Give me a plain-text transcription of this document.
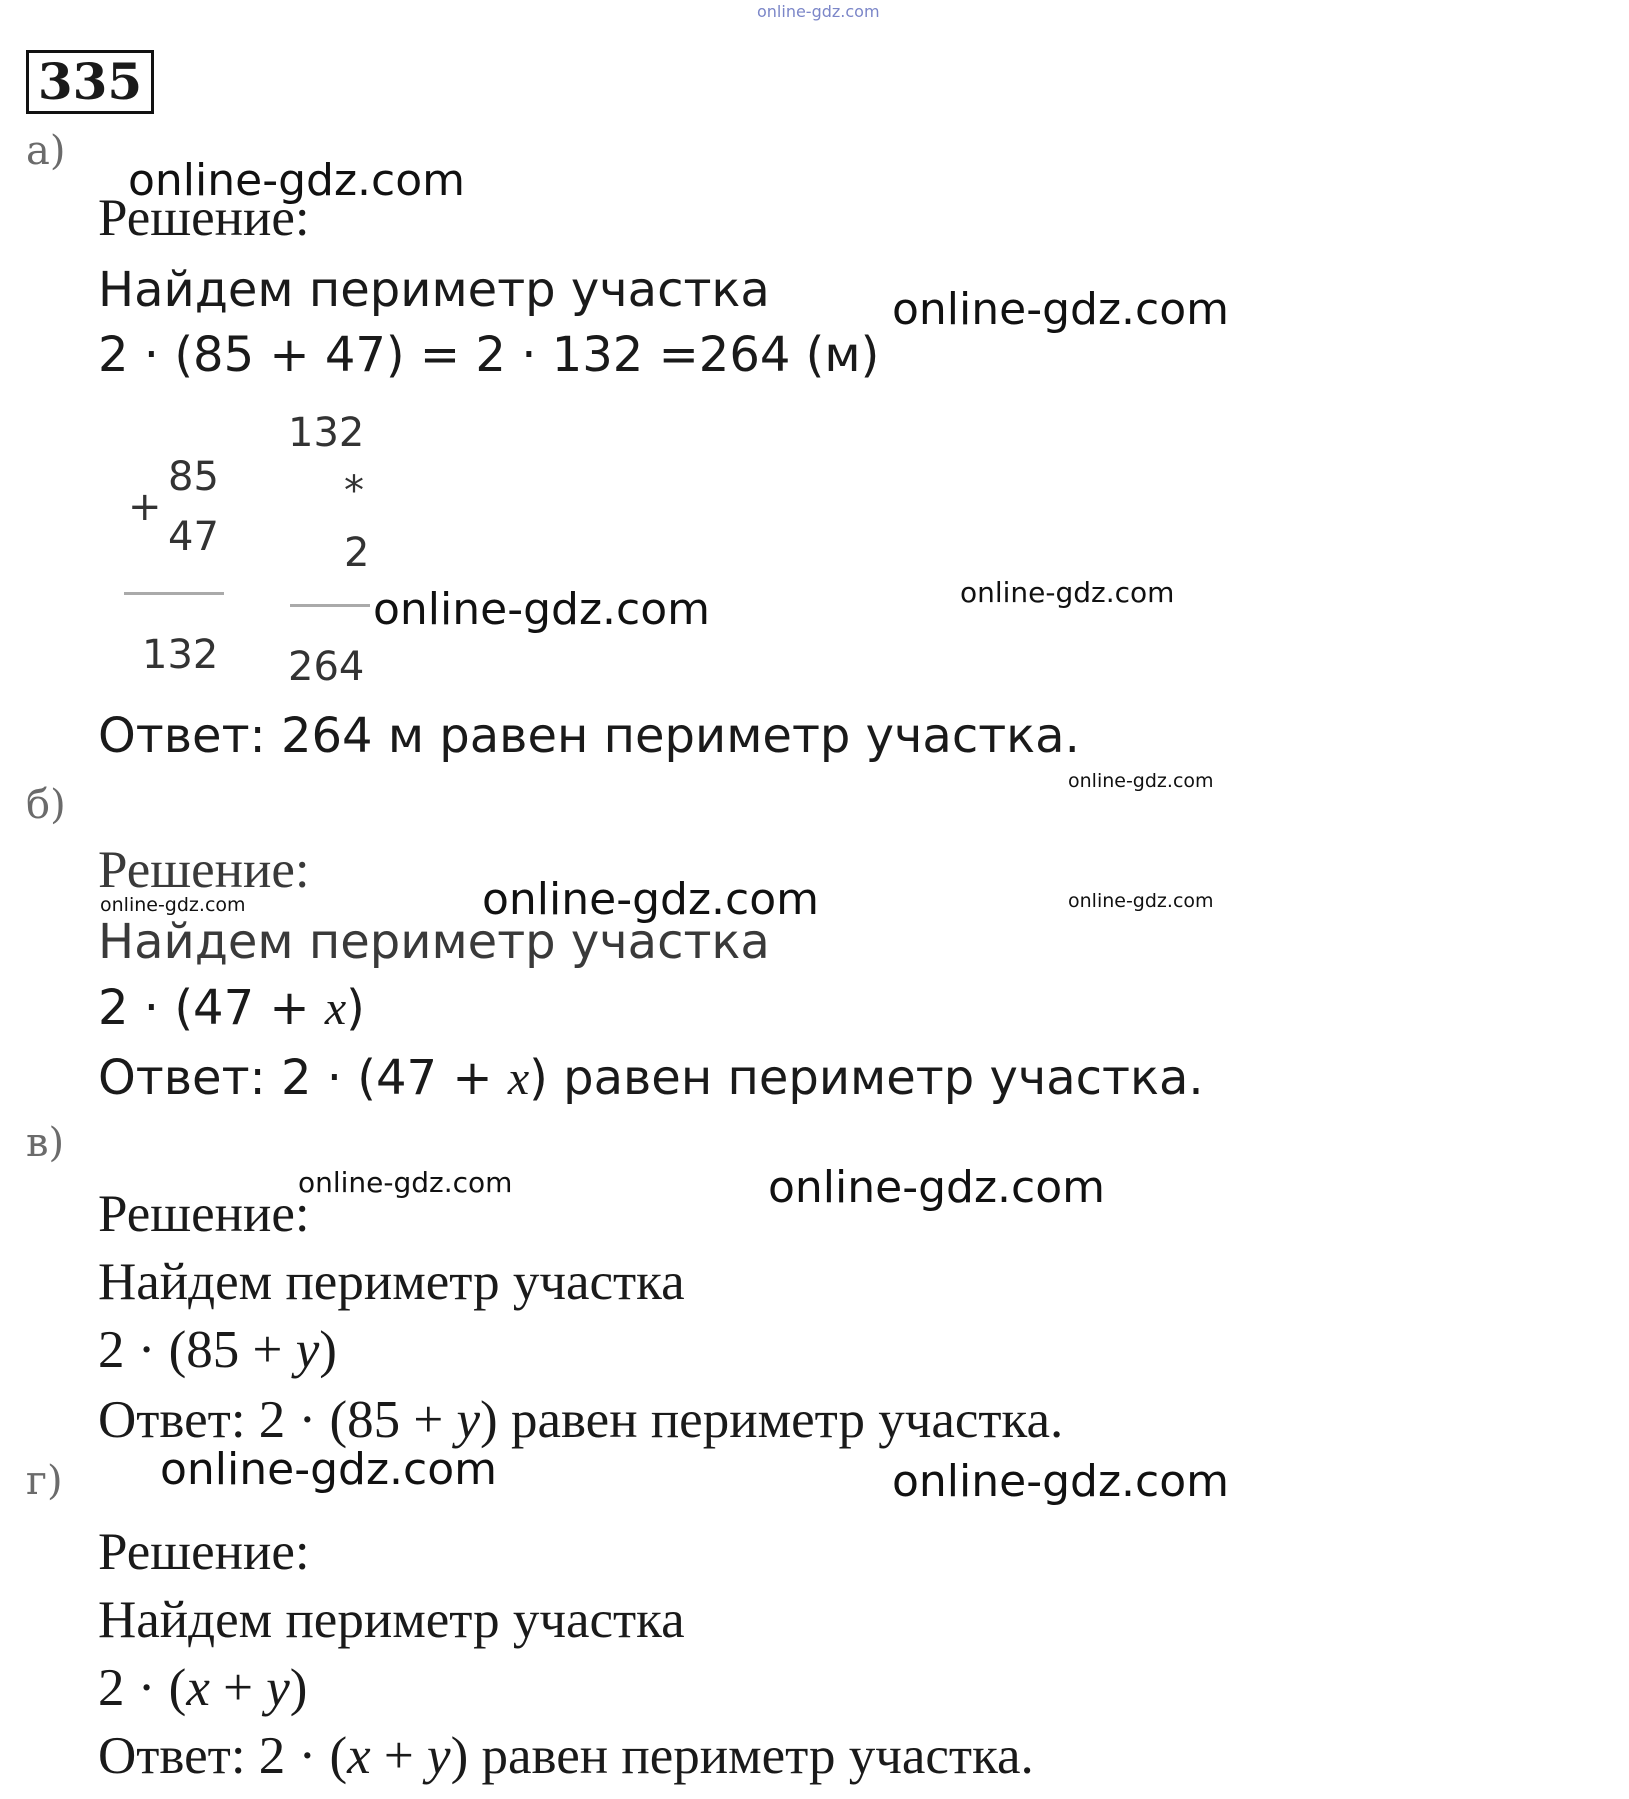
online-gdz.com
335
а)
online-gdz.com
Решение:
Найдем периметр участка	online-gdz.com
2 · (85 + 47) = 2 · 132 =264 (м)
+
85
47
132
132
*
2
264
online-gdz.com	online-gdz.com
Ответ: 264 м равен периметр участка.
online-gdz.com
б)
Решение:
online-gdz.com	online-gdz.com	online-gdz.com
Найдем периметр участка
2 · (47 + x)
Ответ: 2 · (47 + x) равен периметр участка.
в)
online-gdz.com	online-gdz.com
Решение:
Найдем периметр участка
2 · (85 + y)
Ответ: 2 · (85 + y) равен периметр участка.
г) online-gdz.com	online-gdz.com
Решение:
Найдем периметр участка
2 · (x + y)
Ответ: 2 · (x + y) равен периметр участка.
